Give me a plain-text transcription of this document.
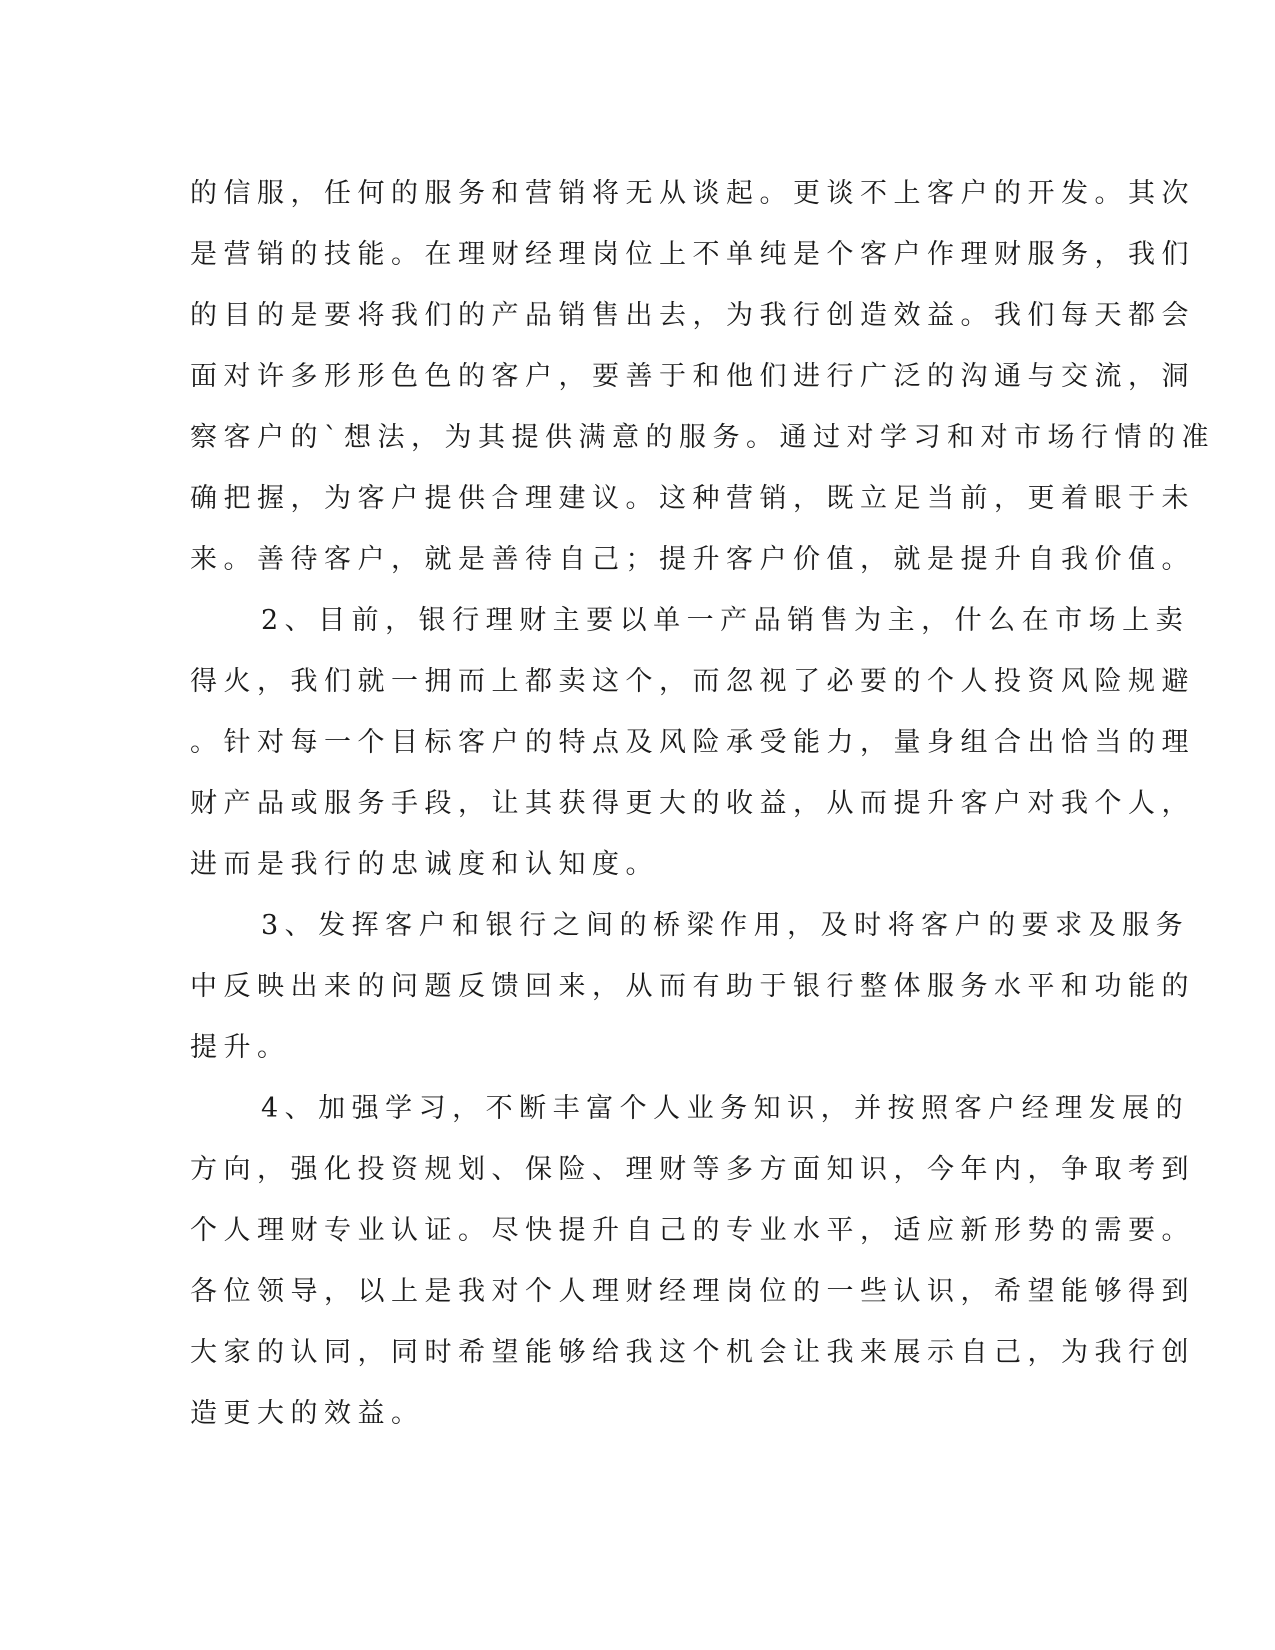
的信服，任何的服务和营销将无从谈起。更谈不上客户的开发。其次
是营销的技能。在理财经理岗位上不单纯是个客户作理财服务，我们
的目的是要将我们的产品销售出去，为我行创造效益。我们每天都会
面对许多形形色色的客户，要善于和他们进行广泛的沟通与交流，洞
察客户的`想法，为其提供满意的服务。通过对学习和对市场行情的准
确把握，为客户提供合理建议。这种营销，既立足当前，更着眼于未
来。善待客户，就是善待自己；提升客户价值，就是提升自我价值。
2、目前，银行理财主要以单一产品销售为主，什么在市场上卖
得火，我们就一拥而上都卖这个，而忽视了必要的个人投资风险规避
。针对每一个目标客户的特点及风险承受能力，量身组合出恰当的理
财产品或服务手段，让其获得更大的收益，从而提升客户对我个人，
进而是我行的忠诚度和认知度。
3、发挥客户和银行之间的桥梁作用，及时将客户的要求及服务
中反映出来的问题反馈回来，从而有助于银行整体服务水平和功能的
提升。
4、加强学习，不断丰富个人业务知识，并按照客户经理发展的
方向，强化投资规划、保险、理财等多方面知识，今年内，争取考到
个人理财专业认证。尽快提升自己的专业水平，适应新形势的需要。
各位领导，以上是我对个人理财经理岗位的一些认识，希望能够得到
大家的认同，同时希望能够给我这个机会让我来展示自己，为我行创
造更大的效益。
